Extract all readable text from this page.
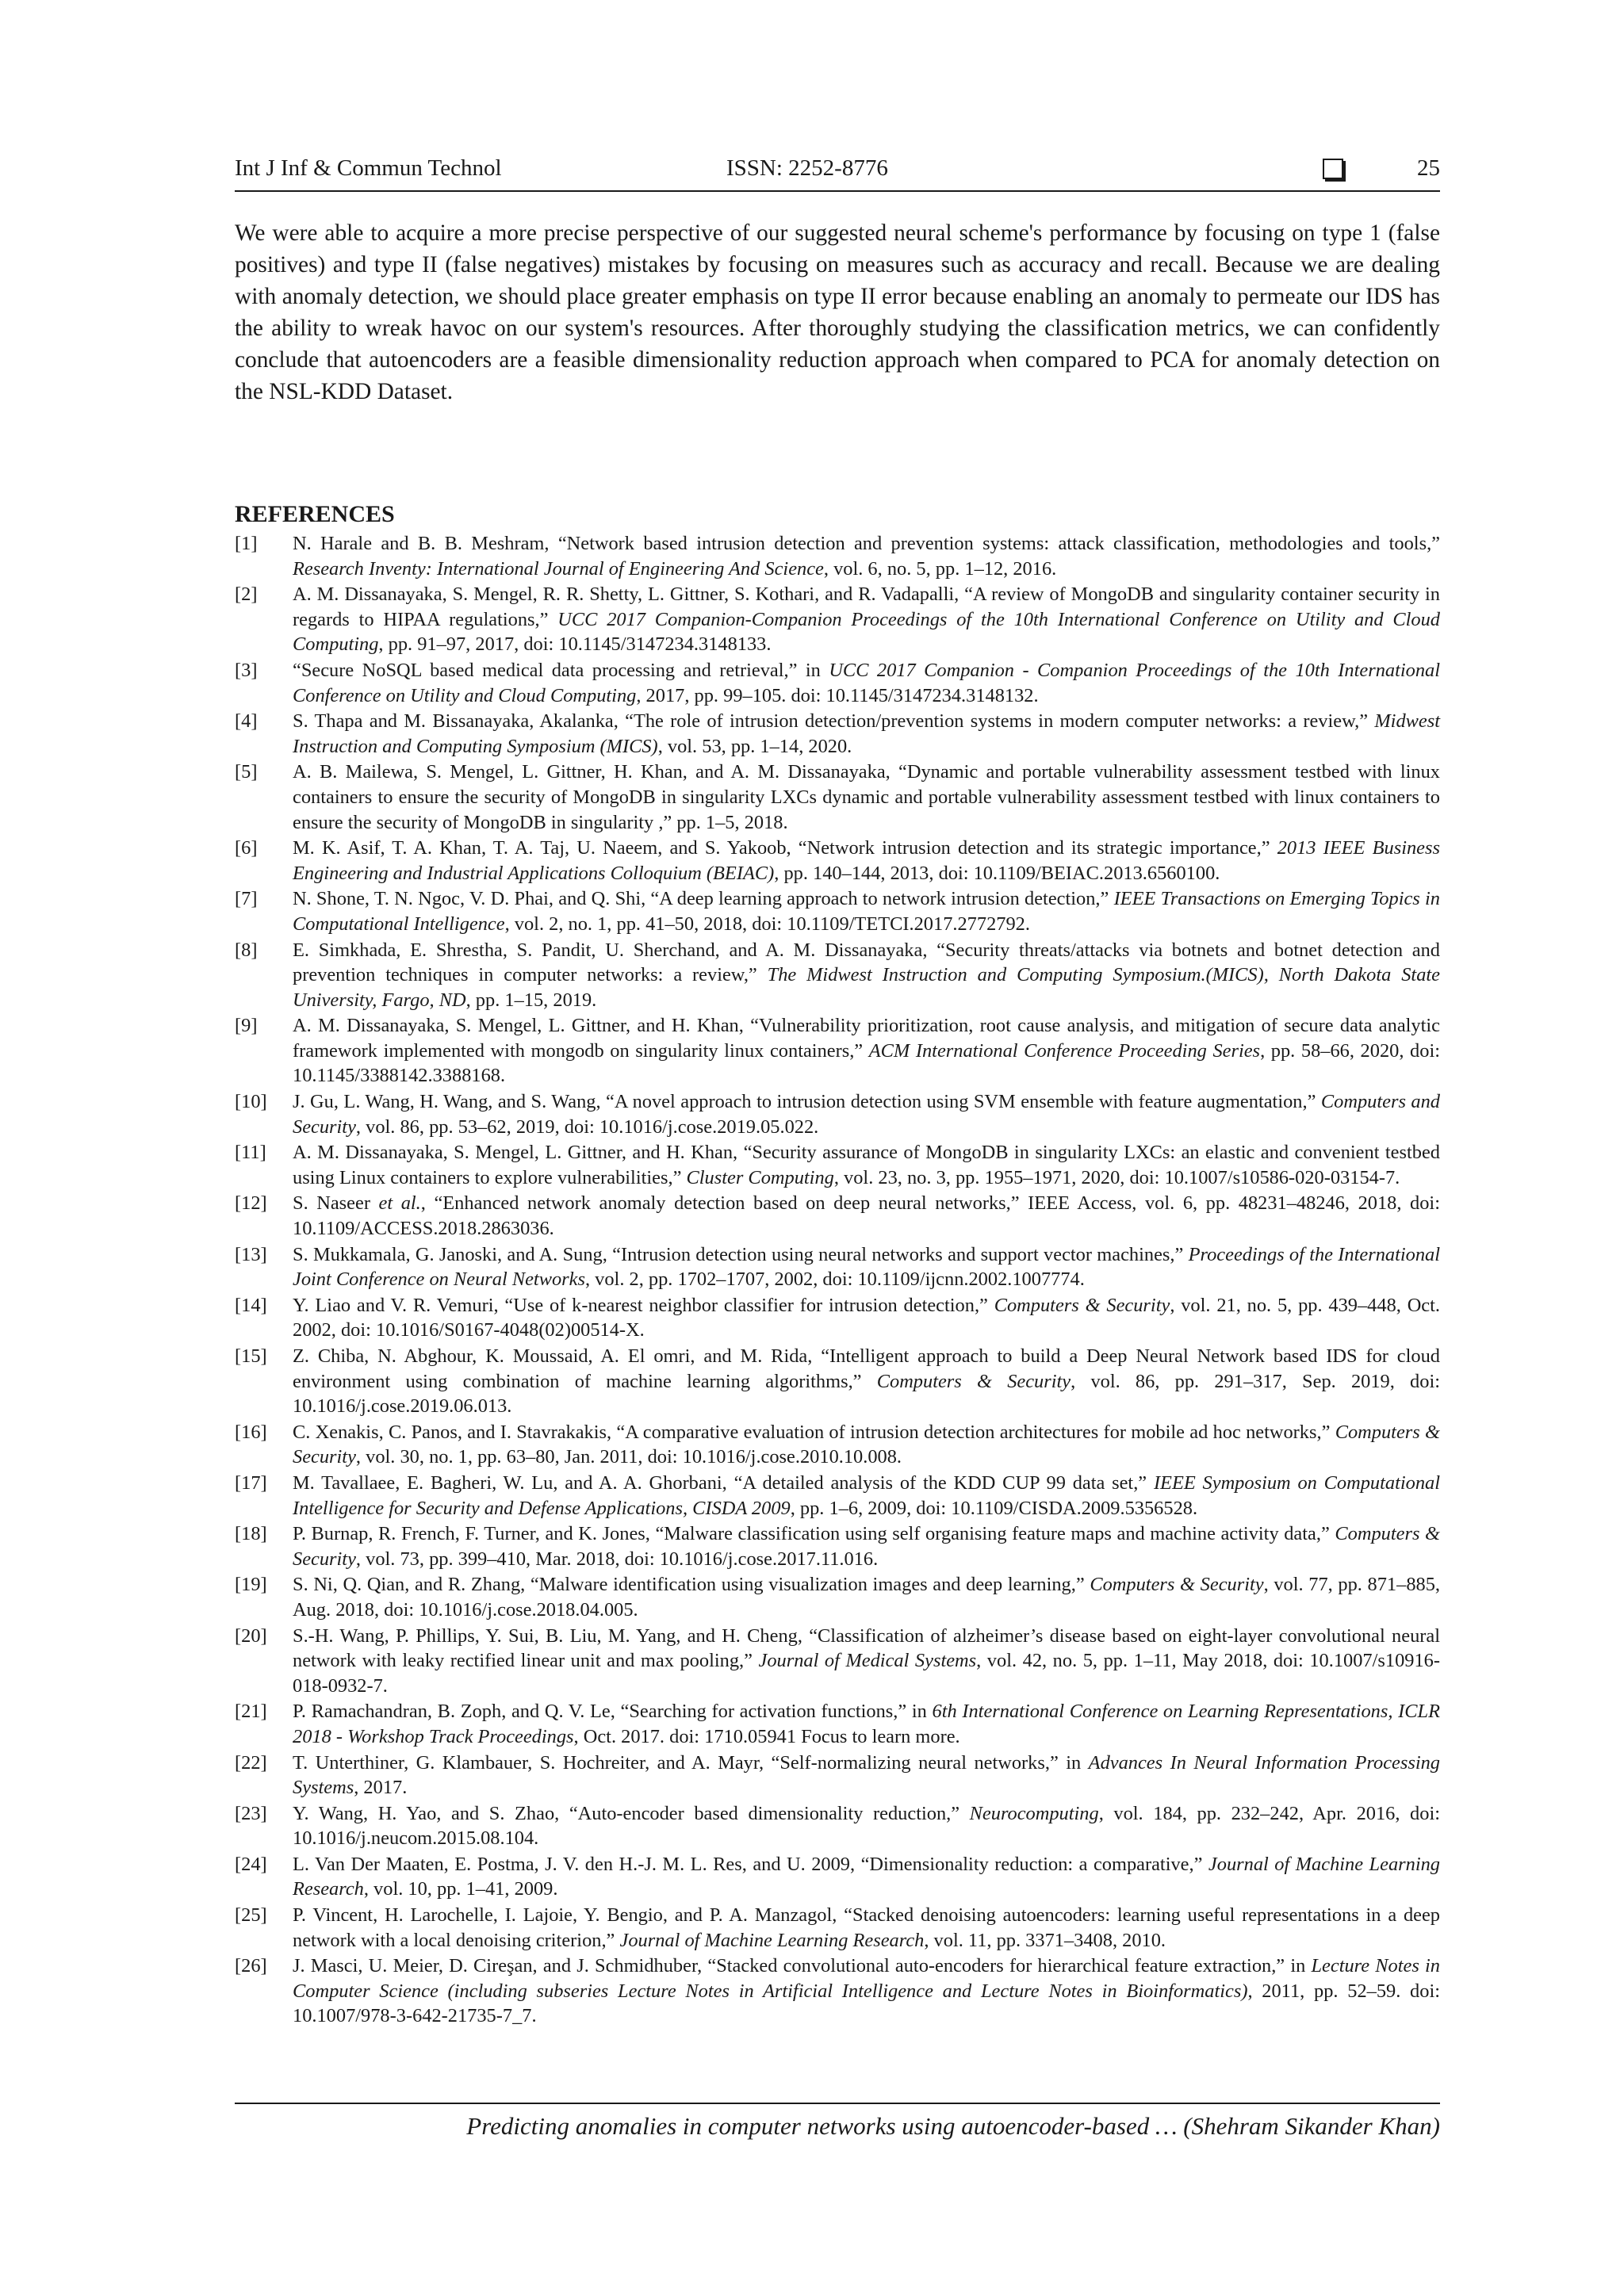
Int J Inf & Commun Technol	ISSN: 2252-8776	25

We were able to acquire a more precise perspective of our suggested neural scheme's performance by focusing on type 1 (false positives) and type II (false negatives) mistakes by focusing on measures such as accuracy and recall. Because we are dealing with anomaly detection, we should place greater emphasis on type II error because enabling an anomaly to permeate our IDS has the ability to wreak havoc on our system's resources. After thoroughly studying the classification metrics, we can confidently conclude that autoencoders are a feasible dimensionality reduction approach when compared to PCA for anomaly detection on the NSL-KDD Dataset.

REFERENCES
[1] N. Harale and B. B. Meshram, “Network based intrusion detection and prevention systems: attack classification, methodologies and tools,” Research Inventy: International Journal of Engineering And Science, vol. 6, no. 5, pp. 1–12, 2016.
[2] A. M. Dissanayaka, S. Mengel, R. R. Shetty, L. Gittner, S. Kothari, and R. Vadapalli, “A review of MongoDB and singularity container security in regards to HIPAA regulations,” UCC 2017 Companion-Companion Proceedings of the 10th International Conference on Utility and Cloud Computing, pp. 91–97, 2017, doi: 10.1145/3147234.3148133.
[3] “Secure NoSQL based medical data processing and retrieval,” in UCC 2017 Companion - Companion Proceedings of the 10th International Conference on Utility and Cloud Computing, 2017, pp. 99–105. doi: 10.1145/3147234.3148132.
[4] S. Thapa and M. Bissanayaka, Akalanka, “The role of intrusion detection/prevention systems in modern computer networks: a review,” Midwest Instruction and Computing Symposium (MICS), vol. 53, pp. 1–14, 2020.
[5] A. B. Mailewa, S. Mengel, L. Gittner, H. Khan, and A. M. Dissanayaka, “Dynamic and portable vulnerability assessment testbed with linux containers to ensure the security of MongoDB in singularity LXCs dynamic and portable vulnerability assessment testbed with linux containers to ensure the security of MongoDB in singularity ,” pp. 1–5, 2018.
[6] M. K. Asif, T. A. Khan, T. A. Taj, U. Naeem, and S. Yakoob, “Network intrusion detection and its strategic importance,” 2013 IEEE Business Engineering and Industrial Applications Colloquium (BEIAC), pp. 140–144, 2013, doi: 10.1109/BEIAC.2013.6560100.
[7] N. Shone, T. N. Ngoc, V. D. Phai, and Q. Shi, “A deep learning approach to network intrusion detection,” IEEE Transactions on Emerging Topics in Computational Intelligence, vol. 2, no. 1, pp. 41–50, 2018, doi: 10.1109/TETCI.2017.2772792.
[8] E. Simkhada, E. Shrestha, S. Pandit, U. Sherchand, and A. M. Dissanayaka, “Security threats/attacks via botnets and botnet detection and prevention techniques in computer networks: a review,” The Midwest Instruction and Computing Symposium.(MICS), North Dakota State University, Fargo, ND, pp. 1–15, 2019.
[9] A. M. Dissanayaka, S. Mengel, L. Gittner, and H. Khan, “Vulnerability prioritization, root cause analysis, and mitigation of secure data analytic framework implemented with mongodb on singularity linux containers,” ACM International Conference Proceeding Series, pp. 58–66, 2020, doi: 10.1145/3388142.3388168.
[10] J. Gu, L. Wang, H. Wang, and S. Wang, “A novel approach to intrusion detection using SVM ensemble with feature augmentation,” Computers and Security, vol. 86, pp. 53–62, 2019, doi: 10.1016/j.cose.2019.05.022.
[11] A. M. Dissanayaka, S. Mengel, L. Gittner, and H. Khan, “Security assurance of MongoDB in singularity LXCs: an elastic and convenient testbed using Linux containers to explore vulnerabilities,” Cluster Computing, vol. 23, no. 3, pp. 1955–1971, 2020, doi: 10.1007/s10586-020-03154-7.
[12] S. Naseer et al., “Enhanced network anomaly detection based on deep neural networks,” IEEE Access, vol. 6, pp. 48231–48246, 2018, doi: 10.1109/ACCESS.2018.2863036.
[13] S. Mukkamala, G. Janoski, and A. Sung, “Intrusion detection using neural networks and support vector machines,” Proceedings of the International Joint Conference on Neural Networks, vol. 2, pp. 1702–1707, 2002, doi: 10.1109/ijcnn.2002.1007774.
[14] Y. Liao and V. R. Vemuri, “Use of k-nearest neighbor classifier for intrusion detection,” Computers & Security, vol. 21, no. 5, pp. 439–448, Oct. 2002, doi: 10.1016/S0167-4048(02)00514-X.
[15] Z. Chiba, N. Abghour, K. Moussaid, A. El omri, and M. Rida, “Intelligent approach to build a Deep Neural Network based IDS for cloud environment using combination of machine learning algorithms,” Computers & Security, vol. 86, pp. 291–317, Sep. 2019, doi: 10.1016/j.cose.2019.06.013.
[16] C. Xenakis, C. Panos, and I. Stavrakakis, “A comparative evaluation of intrusion detection architectures for mobile ad hoc networks,” Computers & Security, vol. 30, no. 1, pp. 63–80, Jan. 2011, doi: 10.1016/j.cose.2010.10.008.
[17] M. Tavallaee, E. Bagheri, W. Lu, and A. A. Ghorbani, “A detailed analysis of the KDD CUP 99 data set,” IEEE Symposium on Computational Intelligence for Security and Defense Applications, CISDA 2009, pp. 1–6, 2009, doi: 10.1109/CISDA.2009.5356528.
[18] P. Burnap, R. French, F. Turner, and K. Jones, “Malware classification using self organising feature maps and machine activity data,” Computers & Security, vol. 73, pp. 399–410, Mar. 2018, doi: 10.1016/j.cose.2017.11.016.
[19] S. Ni, Q. Qian, and R. Zhang, “Malware identification using visualization images and deep learning,” Computers & Security, vol. 77, pp. 871–885, Aug. 2018, doi: 10.1016/j.cose.2018.04.005.
[20] S.-H. Wang, P. Phillips, Y. Sui, B. Liu, M. Yang, and H. Cheng, “Classification of alzheimer’s disease based on eight-layer convolutional neural network with leaky rectified linear unit and max pooling,” Journal of Medical Systems, vol. 42, no. 5, pp. 1–11, May 2018, doi: 10.1007/s10916-018-0932-7.
[21] P. Ramachandran, B. Zoph, and Q. V. Le, “Searching for activation functions,” in 6th International Conference on Learning Representations, ICLR 2018 - Workshop Track Proceedings, Oct. 2017. doi: 1710.05941 Focus to learn more.
[22] T. Unterthiner, G. Klambauer, S. Hochreiter, and A. Mayr, “Self-normalizing neural networks,” in Advances In Neural Information Processing Systems, 2017.
[23] Y. Wang, H. Yao, and S. Zhao, “Auto-encoder based dimensionality reduction,” Neurocomputing, vol. 184, pp. 232–242, Apr. 2016, doi: 10.1016/j.neucom.2015.08.104.
[24] L. Van Der Maaten, E. Postma, J. V. den H.-J. M. L. Res, and U. 2009, “Dimensionality reduction: a comparative,” Journal of Machine Learning Research, vol. 10, pp. 1–41, 2009.
[25] P. Vincent, H. Larochelle, I. Lajoie, Y. Bengio, and P. A. Manzagol, “Stacked denoising autoencoders: learning useful representations in a deep network with a local denoising criterion,” Journal of Machine Learning Research, vol. 11, pp. 3371–3408, 2010.
[26] J. Masci, U. Meier, D. Cireşan, and J. Schmidhuber, “Stacked convolutional auto-encoders for hierarchical feature extraction,” in Lecture Notes in Computer Science (including subseries Lecture Notes in Artificial Intelligence and Lecture Notes in Bioinformatics), 2011, pp. 52–59. doi: 10.1007/978-3-642-21735-7_7.
Predicting anomalies in computer networks using autoencoder-based … (Shehram Sikander Khan)
